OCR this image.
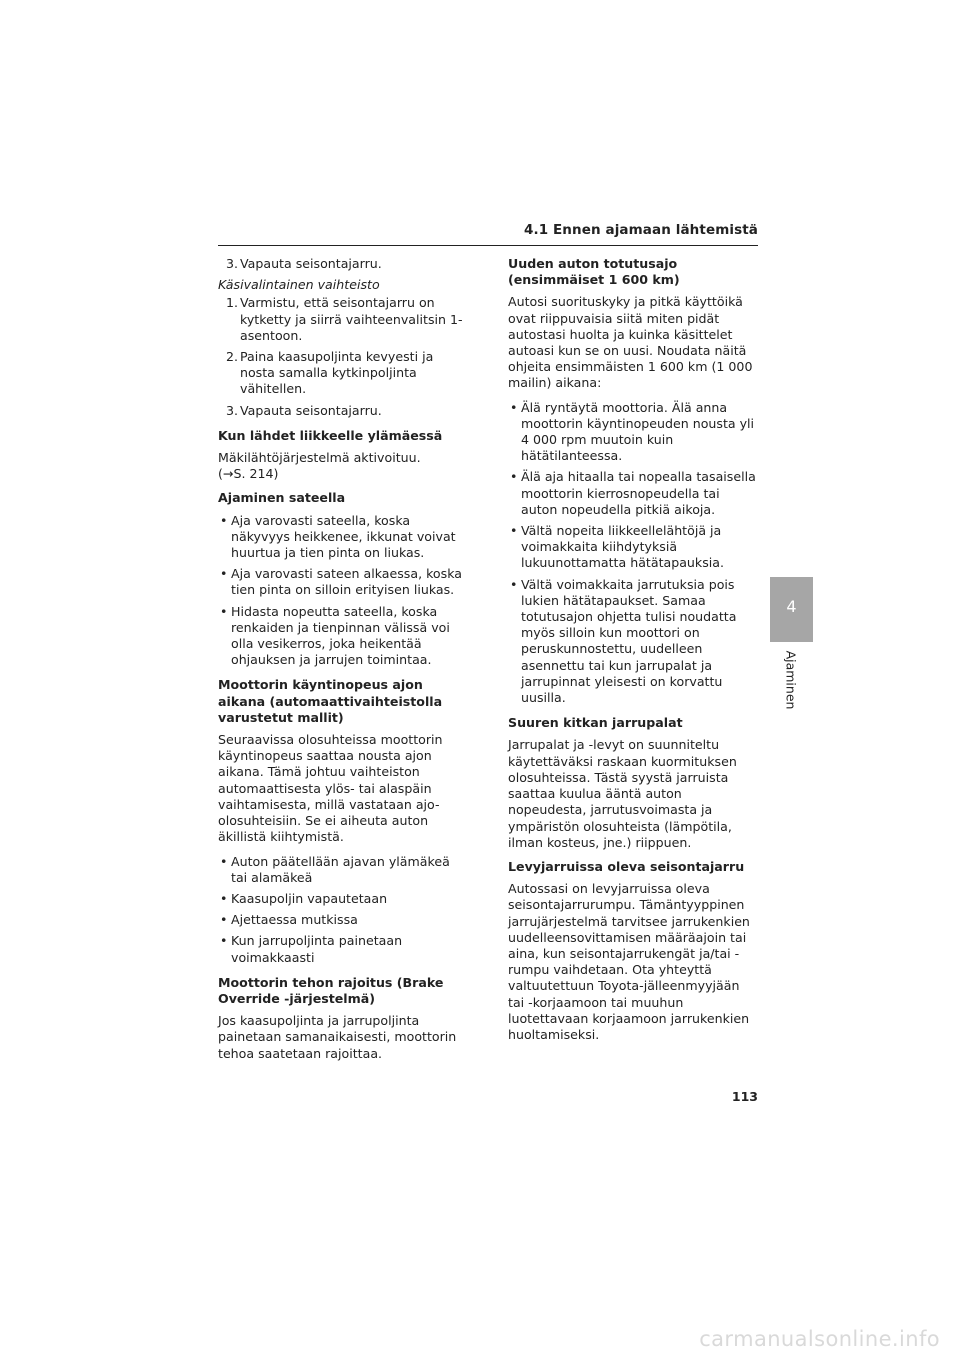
4.1 Ennen ajamaan lähtemistä
3. Vapauta seisontajarru.

Käsivalintainen vaihteisto

1. Varmistu, että seisontajarru on kytketty ja siirrä vaihteenvalitsin 1-asentoon.
2. Paina kaasupoljinta kevyesti ja nosta samalla kytkinpoljinta vähitellen.
3. Vapauta seisontajarru.

Kun lähdet liikkeelle ylämäessä

Mäkilähtöjärjestelmä aktivoituu.

(→S. 214)

Ajaminen sateella

• Aja varovasti sateella, koska näkyvyys heikkenee, ikkunat voivat huurtua ja tien pinta on liukas.
• Aja varovasti sateen alkaessa, koska tien pinta on silloin erityisen liukas.
• Hidasta nopeutta sateella, koska renkaiden ja tienpinnan välissä voi olla vesikerros, joka heikentää ohjauksen ja jarrujen toimintaa.

Moottorin käyntinopeus ajon aikana (automaattivaihteistolla varustetut mallit)

Seuraavissa olosuhteissa moottorin käyntinopeus saattaa nousta ajon aikana. Tämä johtuu vaihteiston automaattisesta ylös- tai alaspäin vaihtamisesta, millä vastataan ajo-olosuhteisiin. Se ei aiheuta auton äkillistä kiihtymistä.

• Auton päätellään ajavan ylämäkeä tai alamäkeä
• Kaasupoljin vapautetaan
• Ajettaessa mutkissa
• Kun jarrupoljinta painetaan voimakkaasti

Moottorin tehon rajoitus (Brake Override -järjestelmä)

Jos kaasupoljinta ja jarrupoljinta painetaan samanaikaisesti, moottorin tehoa saatetaan rajoittaa.

Uuden auton totutusajo (ensimmäiset 1 600 km)

Autosi suorituskyky ja pitkä käyttöikä ovat riippuvaisia siitä miten pidät autostasi huolta ja kuinka käsittelet autoasi kun se on uusi. Noudata näitä ohjeita ensimmäisten 1 600 km (1 000 mailin) aikana:

• Älä ryntäytä moottoria. Älä anna moottorin käyntinopeuden nousta yli 4 000 rpm muutoin kuin hätätilanteessa.
• Älä aja hitaalla tai nopealla tasaisella moottorin kierrosnopeudella tai auton nopeudella pitkiä aikoja.
• Vältä nopeita liikkeellelähtöjä ja voimakkaita kiihdytyksiä lukuunottamatta hätätapauksia.
• Vältä voimakkaita jarrutuksia pois lukien hätätapaukset. Samaa totutusajon ohjetta tulisi noudatta myös silloin kun moottori on peruskunnostettu, uudelleen asennettu tai kun jarrupalat ja jarrupinnat yleisesti on korvattu uusilla.

Suuren kitkan jarrupalat

Jarrupalat ja -levyt on suunniteltu käytettäväksi raskaan kuormituksen olosuhteissa. Tästä syystä jarruista saattaa kuulua ääntä auton nopeudesta, jarrutusvoimasta ja ympäristön olosuhteista (lämpötila, ilman kosteus, jne.) riippuen.

Levyjarruissa oleva seisontajarru

Autossasi on levyjarruissa oleva seisontajarrurumpu. Tämäntyyppinen jarrujärjestelmä tarvitsee jarrukenkien uudelleensovittamisen määräajoin tai aina, kun seisontajarrukengät ja/tai -rumpu vaihdetaan. Ota yhteyttä valtuutettuun Toyota-jälleenmyyjään tai -korjaamoon tai muuhun luotettavaan korjaamoon jarrukenkien huoltamiseksi.

4
Ajaminen
113
carmanualsonline.info
